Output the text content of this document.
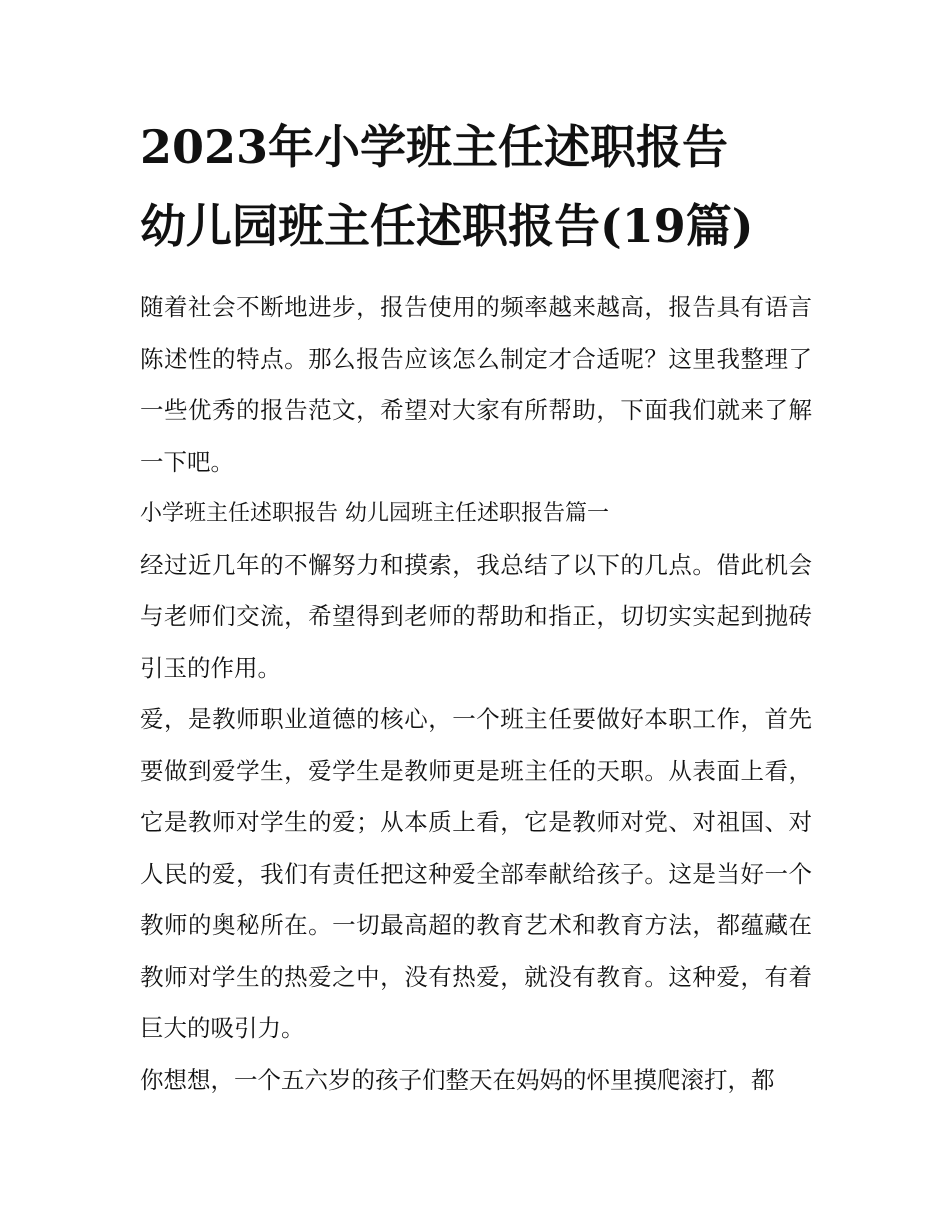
2023年小学班主任述职报告
幼儿园班主任述职报告(19篇)

随着社会不断地进步，报告使用的频率越来越高，报告具有语言陈述性的特点。那么报告应该怎么制定才合适呢？这里我整理了一些优秀的报告范文，希望对大家有所帮助，下面我们就来了解一下吧。

小学班主任述职报告 幼儿园班主任述职报告篇一

经过近几年的不懈努力和摸索，我总结了以下的几点。借此机会与老师们交流，希望得到老师的帮助和指正，切切实实起到抛砖引玉的作用。

爱，是教师职业道德的核心，一个班主任要做好本职工作，首先要做到爱学生，爱学生是教师更是班主任的天职。从表面上看，它是教师对学生的爱；从本质上看，它是教师对党、对祖国、对人民的爱，我们有责任把这种爱全部奉献给孩子。这是当好一个教师的奥秘所在。一切最高超的教育艺术和教育方法，都蕴藏在教师对学生的热爱之中，没有热爱，就没有教育。这种爱，有着巨大的吸引力。

你想想，一个五六岁的孩子们整天在妈妈的怀里摸爬滚打，都
